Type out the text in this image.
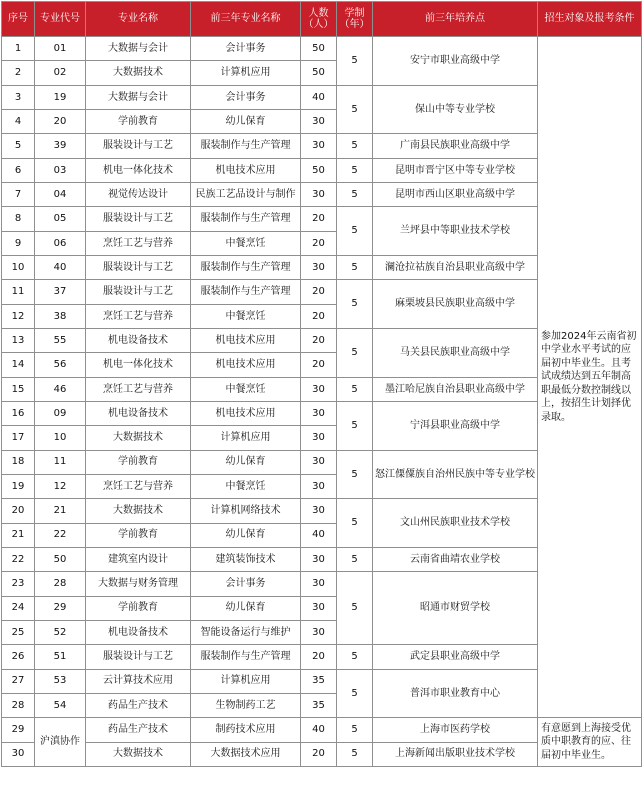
序号	专业代号	专业名称	前三年专业名称	人数（人）	学制（年）	前三年培养点	招生对象及报考条件
1	01	大数据与会计	会计事务	50	5	安宁市职业高级中学	参加2024年云南省初中学业水平考试的应届初中毕业生。且考试成绩达到五年制高职最低分数控制线以上，按招生计划择优录取。
2	02	大数据技术	计算机应用	50			
3	19	大数据与会计	会计事务	40	5	保山中等专业学校	
4	20	学前教育	幼儿保育	30			
5	39	服装设计与工艺	服装制作与生产管理	30	5	广南县民族职业高级中学	
6	03	机电一体化技术	机电技术应用	50	5	昆明市晋宁区中等专业学校	
7	04	视觉传达设计	民族工艺品设计与制作	30	5	昆明市西山区职业高级中学	
8	05	服装设计与工艺	服装制作与生产管理	20	5	兰坪县中等职业技术学校	
9	06	烹饪工艺与营养	中餐烹饪	20			
10	40	服装设计与工艺	服装制作与生产管理	30	5	澜沧拉祜族自治县职业高级中学	
11	37	服装设计与工艺	服装制作与生产管理	20	5	麻栗坡县民族职业高级中学	
12	38	烹饪工艺与营养	中餐烹饪	20			
13	55	机电设备技术	机电技术应用	20	5	马关县民族职业高级中学	
14	56	机电一体化技术	机电技术应用	20			
15	46	烹饪工艺与营养	中餐烹饪	30	5	墨江哈尼族自治县职业高级中学	
16	09	机电设备技术	机电技术应用	30	5	宁洱县职业高级中学	
17	10	大数据技术	计算机应用	30			
18	11	学前教育	幼儿保育	30	5	怒江傈僳族自治州民族中等专业学校	
19	12	烹饪工艺与营养	中餐烹饪	30			
20	21	大数据技术	计算机网络技术	30	5	文山州民族职业技术学校	
21	22	学前教育	幼儿保育	40			
22	50	建筑室内设计	建筑装饰技术	30	5	云南省曲靖农业学校	
23	28	大数据与财务管理	会计事务	30	5	昭通市财贸学校	
24	29	学前教育	幼儿保育	30			
25	52	机电设备技术	智能设备运行与维护	30			
26	51	服装设计与工艺	服装制作与生产管理	20	5	武定县职业高级中学	
27	53	云计算技术应用	计算机应用	35	5	普洱市职业教育中心	
28	54	药品生产技术	生物制药工艺	35			
29	沪滇协作	药品生产技术	制药技术应用	40	5	上海市医药学校	有意愿到上海接受优质中职教育的应、往届初中毕业生。
30		大数据技术	大数据技术应用	20	5	上海新闻出版职业技术学校	
